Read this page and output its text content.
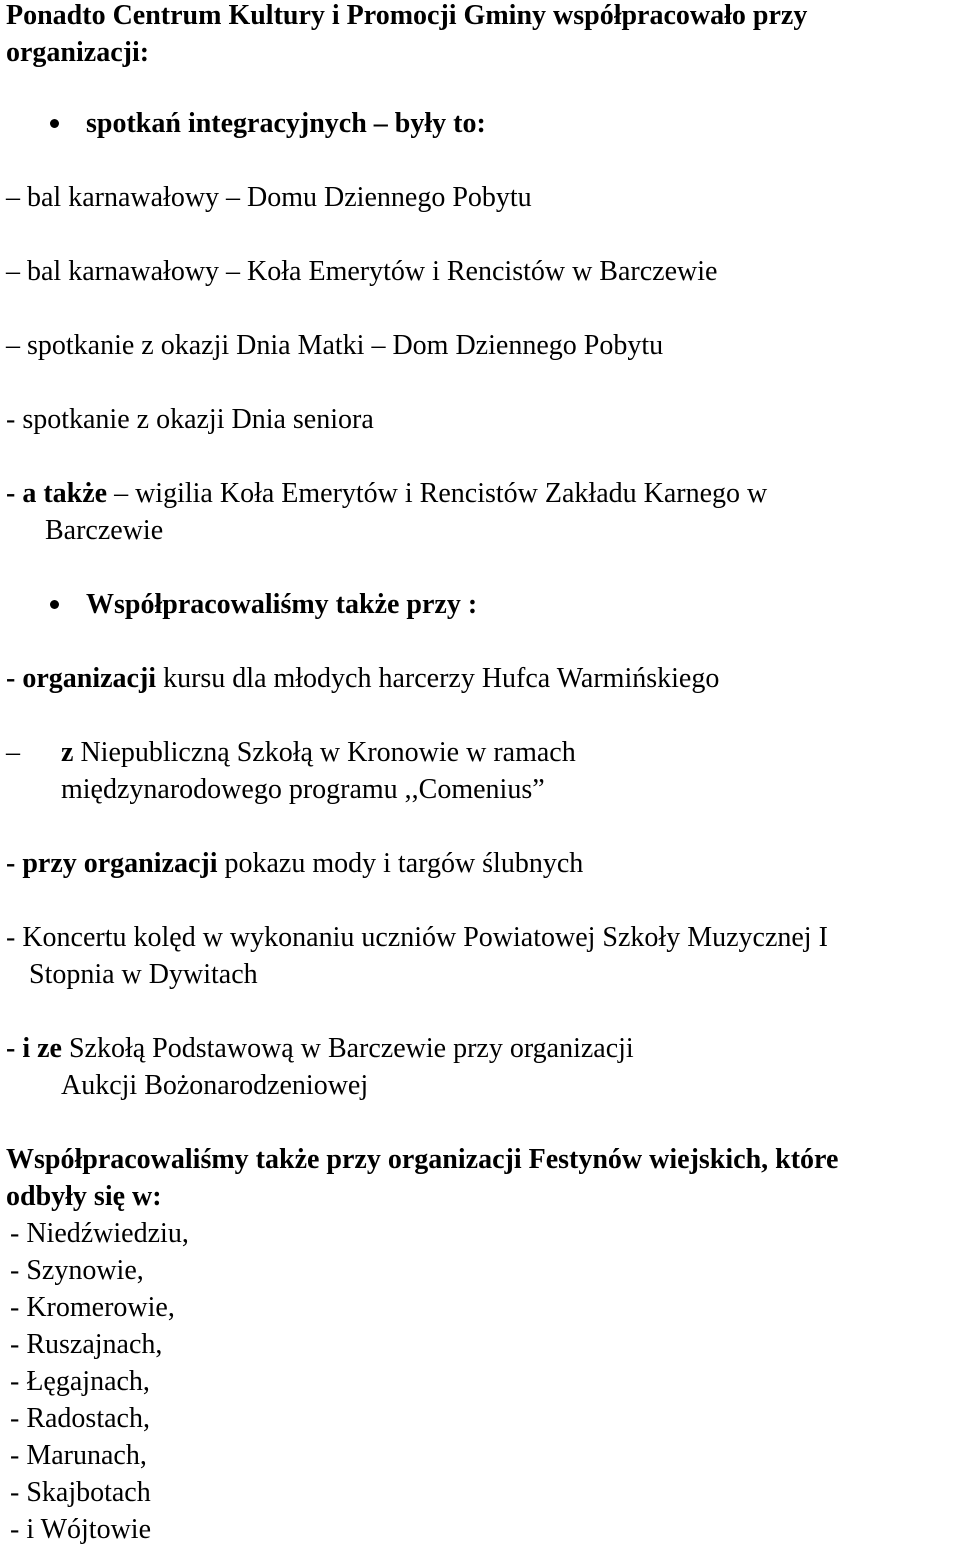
Ponadto Centrum Kultury i Promocji Gminy współpracowało przy
organizacji:
spotkań integracyjnych – były to:
– bal karnawałowy – Domu Dziennego Pobytu
– bal karnawałowy – Koła Emerytów i Rencistów w Barczewie
– spotkanie z okazji Dnia Matki – Dom Dziennego Pobytu
- spotkanie z okazji Dnia seniora
- a także – wigilia Koła Emerytów i Rencistów Zakładu Karnego w
Barczewie
Współpracowaliśmy także przy :
- organizacji kursu dla młodych harcerzy Hufca Warmińskiego
– z Niepubliczną Szkołą w Kronowie w ramach
międzynarodowego programu ,,Comenius”
- przy organizacji pokazu mody i targów ślubnych
- Koncertu kolęd w wykonaniu uczniów Powiatowej Szkoły Muzycznej I
Stopnia w Dywitach
- i ze Szkołą Podstawową w Barczewie przy organizacji
Aukcji Bożonarodzeniowej
Współpracowaliśmy także przy organizacji Festynów wiejskich, które
odbyły się w:
- Niedźwiedziu,
- Szynowie,
- Kromerowie,
- Ruszajnach,
- Łęgajnach,
- Radostach,
- Marunach,
- Skajbotach
- i Wójtowie
